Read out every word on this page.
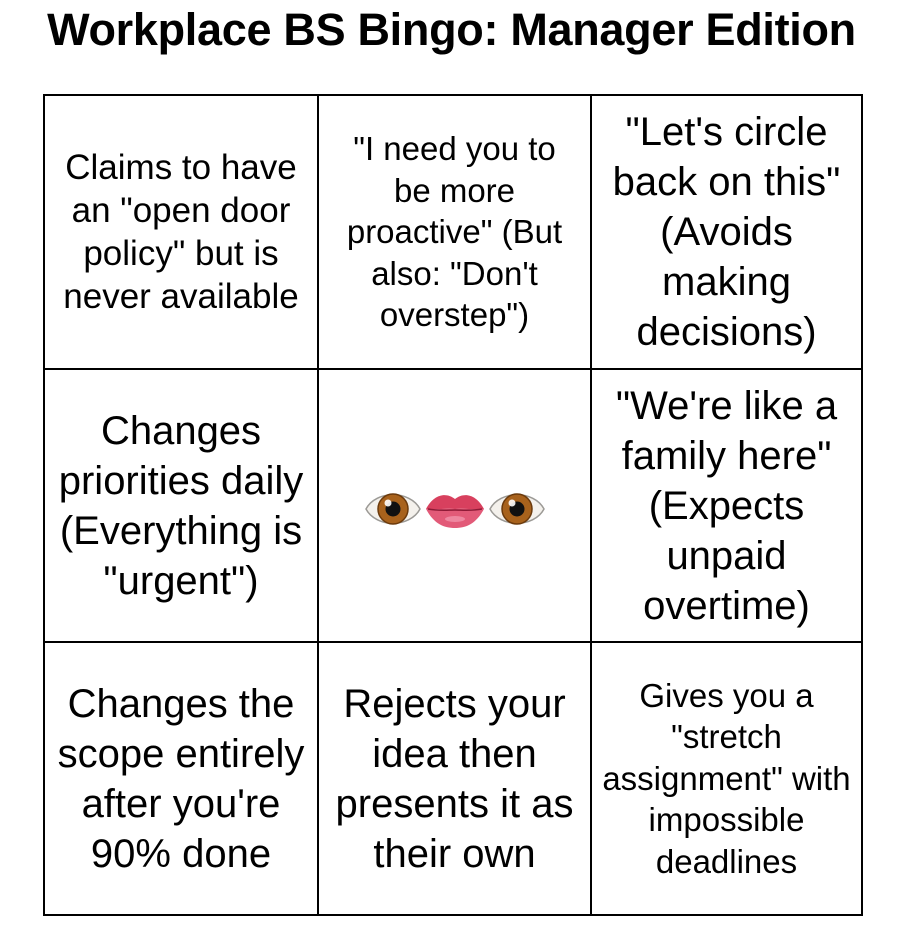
Workplace BS Bingo: Manager Edition
Claims to have an "open door policy" but is never available
"I need you to be more proactive" (But also: "Don't overstep")
"Let's circle back on this" (Avoids making decisions)
Changes priorities daily (Everything is "urgent")
"We're like a family here" (Expects unpaid overtime)
Changes the scope entirely after you're 90% done
Rejects your idea then presents it as their own
Gives you a "stretch assignment" with impossible deadlines
